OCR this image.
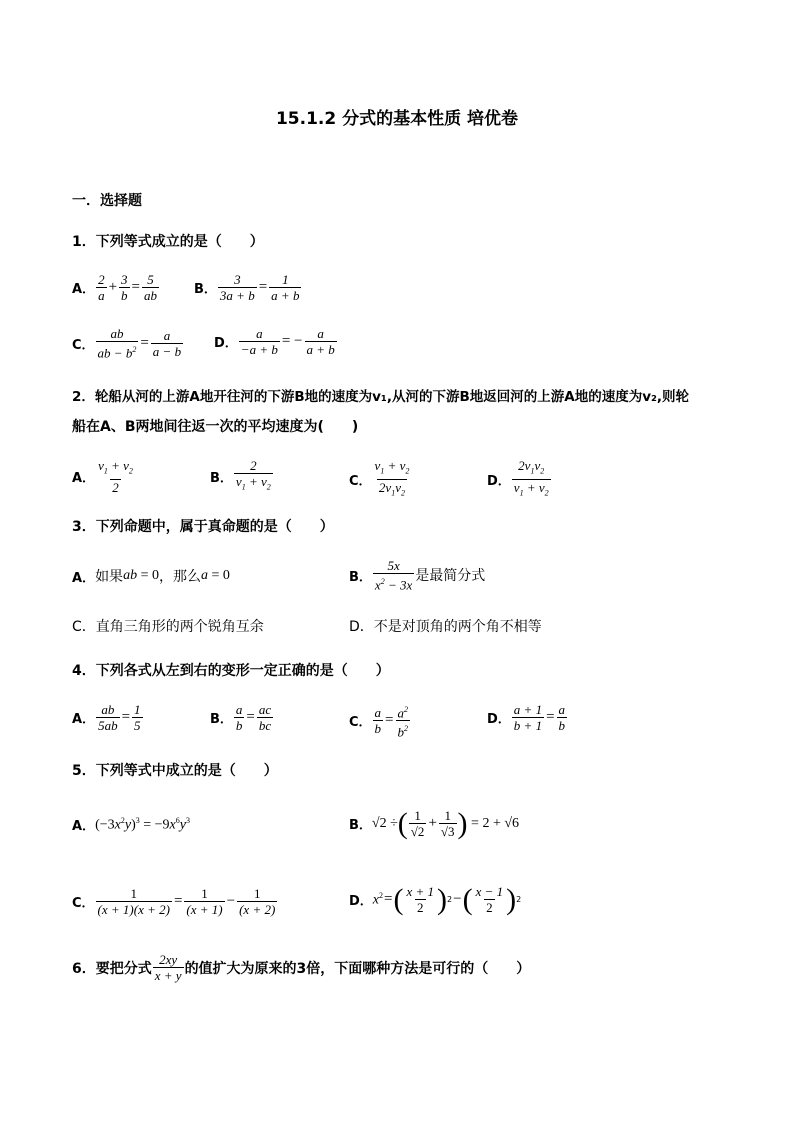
15.1.2 分式的基本性质 培优卷
一．选择题
1．下列等式成立的是（　　）
A． $\frac{2}{a} + \frac{3}{b} = \frac{5}{ab}$	B． $\frac{3}{3a + b} = \frac{1}{a + b}$
C． $\frac{ab}{ab - b^2} = \frac{a}{a - b}$ D． $\frac{a}{-a + b}$ = − $\frac{a}{a + b}$
2．轮船从河的上游A地开往河的下游B地的速度为v₁,从河的下游B地返回河的上游A地的速度为v₂,则轮
船在A、B两地间往返一次的平均速度为(　　)
A． $\frac{v_1 + v_2}{2}$	B． $\frac{2}{v_1 + v_2}$	C． $\frac{v_1 + v_2}{2v_1v_2}$	D． $\frac{2v_1v_2}{v_1 + v_2}$
3．下列命题中，属于真命题的是（　　）
A． 如果 ab = 0 ，那么 a = 0	B． $\frac{5x}{x^2 - 3x}$ 是最简分式
C．直角三角形的两个锐角互余	D．不是对顶角的两个角不相等
4．下列各式从左到右的变形一定正确的是（　　）
A． $\frac{ab}{5ab} = \frac{1}{5}$	B． $\frac{a}{b} = \frac{ac}{bc}$	C． $\frac{a}{b} = \frac{a^2}{b^2}$	D． $\frac{a + 1}{b + 1} = \frac{a}{b}$
5．下列等式中成立的是（　　）
A． $(-3x^2y)^3 = -9x^6y^3$	B． √2 ÷ ( $\frac{1}{√2} + \frac{1}{√3}$ ) = 2 + √6
C． $\frac{1}{(x + 1)(x + 2)} = \frac{1}{(x + 1)} - \frac{1}{(x + 2)}$	D． $x^2$ = ( $\frac{x + 1}{2}$ ) 2 − ( $\frac{x - 1}{2}$ ) 2
6．要把分式 $\frac{2xy}{x + y}$ 的值扩大为原来的3倍，下面哪种方法是可行的（　　）
